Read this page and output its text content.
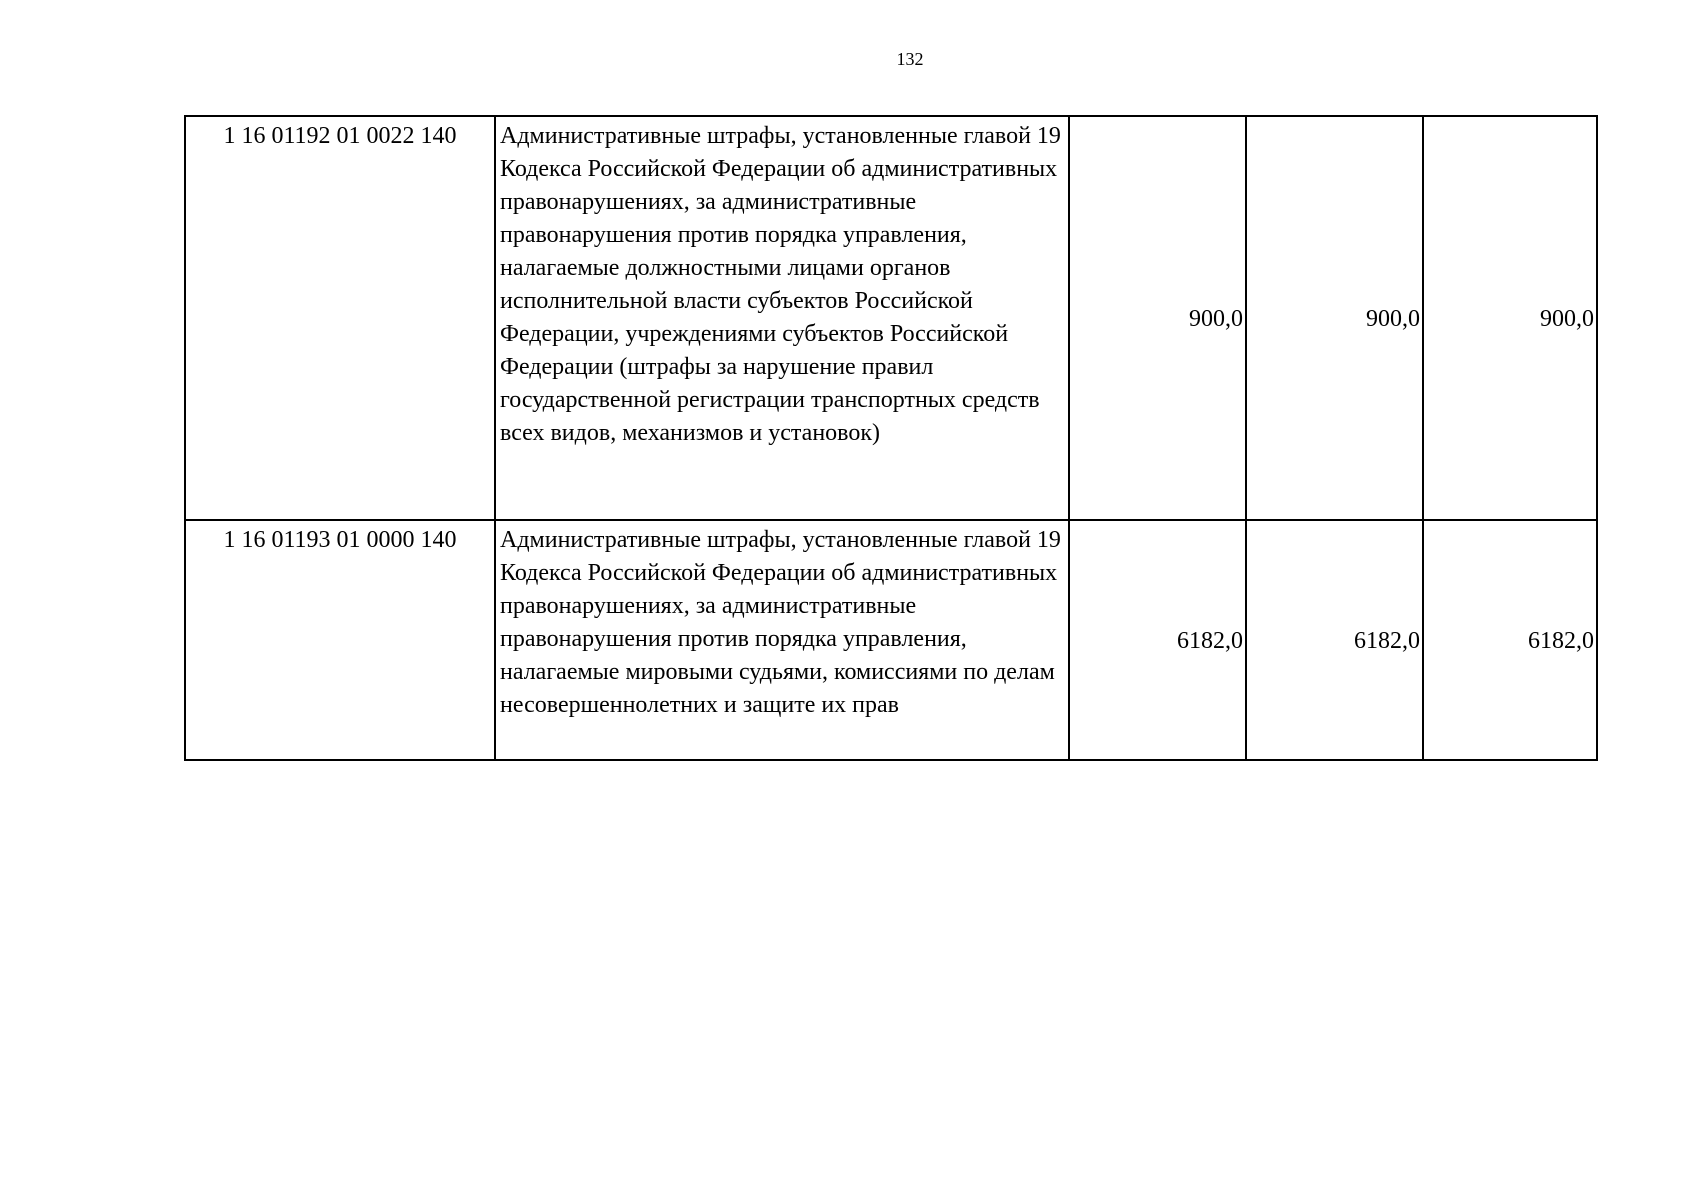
132
1 16 01192 01 0022 140	Административные штрафы, установленные главой 19 Кодекса Российской Федерации об административных правонарушениях, за административные правонарушения против порядка управления, налагаемые должностными лицами органов исполнительной власти субъектов Российской Федерации, учреждениями субъектов Российской Федерации (штрафы за нарушение правил государственной регистрации транспортных средств всех видов, механизмов и установок)	900,0	900,0	900,0
1 16 01193 01 0000 140	Административные штрафы, установленные главой 19 Кодекса Российской Федерации об административных правонарушениях, за административные правонарушения против порядка управления, налагаемые мировыми судьями, комиссиями по делам несовершеннолетних и защите их прав	6182,0	6182,0	6182,0
